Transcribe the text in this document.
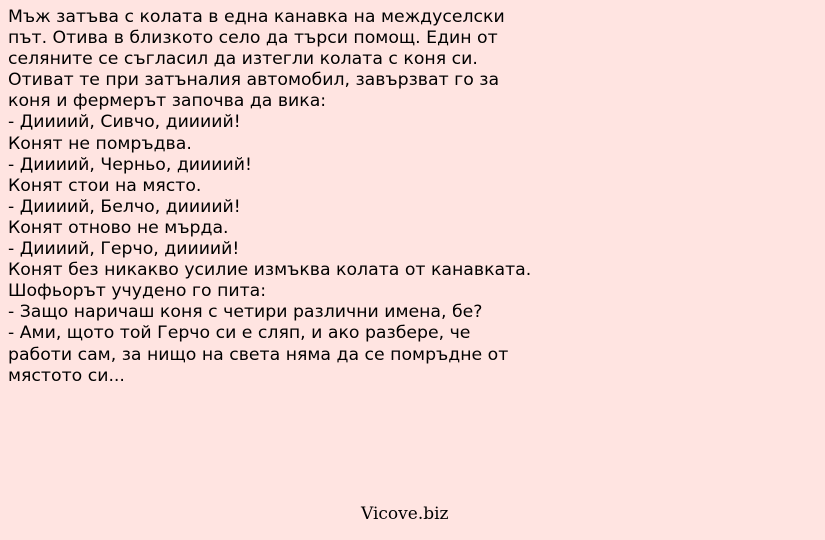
Мъж затъва с колата в една канавка на междуселски
път. Отива в близкото село да търси помощ. Един от
селяните се съгласил да изтегли колата с коня си.
Отиват те при затъналия автомобил, завързват го за
коня и фермерът започва да вика:
- Диииий, Сивчо, диииий!
Конят не помръдва.
- Диииий, Черньо, диииий!
Конят стои на място.
- Диииий, Белчо, диииий!
Конят отново не мърда.
- Диииий, Герчо, диииий!
Конят без никакво усилие измъква колата от канавката.
Шофьорът учудено го пита:
- Защо наричаш коня с четири различни имена, бе?
- Ами, щото той Герчо си е сляп, и ако разбере, че
работи сам, за нищо на света няма да се помръдне от
мястото си...
Vicove.biz
